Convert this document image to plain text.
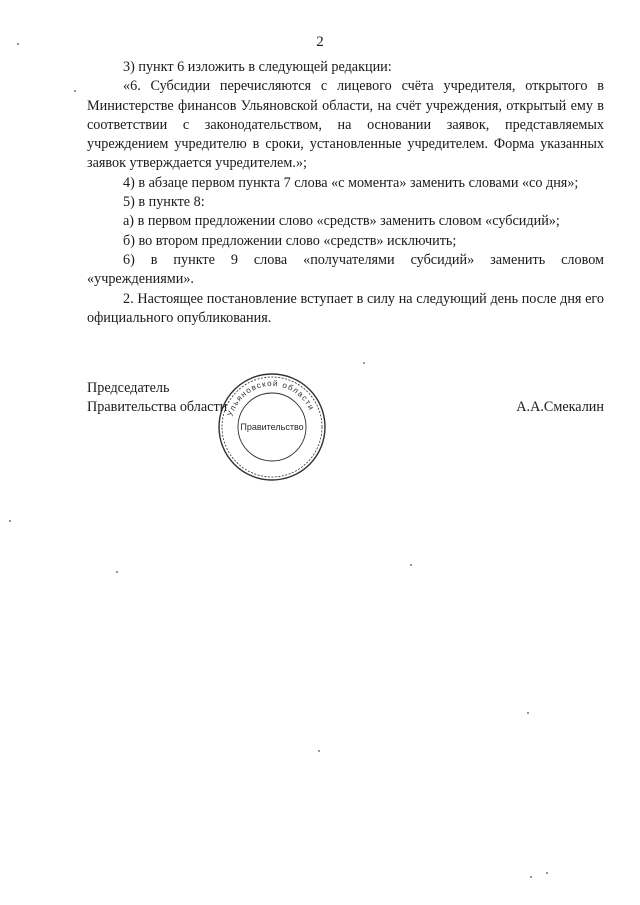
2

3) пункт 6 изложить в следующей редакции:

«6. Субсидии перечисляются с лицевого счёта учредителя, открытого в Министерстве финансов Ульяновской области, на счёт учреждения, открытый ему в соответствии с законодательством, на основании заявок, представляемых учреждением учредителю в сроки, установленные учредителем. Форма указанных заявок утверждается учредителем.»;

4) в абзаце первом пункта 7 слова «с момента» заменить словами «со дня»;

5) в пункте 8:

а) в первом предложении слово «средств» заменить словом «субсидий»;

б) во втором предложении слово «средств» исключить;

6) в пункте 9 слова «получателями субсидий» заменить словом «учреждениями».

2. Настоящее постановление вступает в силу на следующий день после дня его официального опубликования.

Председатель
Правительства области	А.А.Смекалин
Ульяновской области
Правительство
